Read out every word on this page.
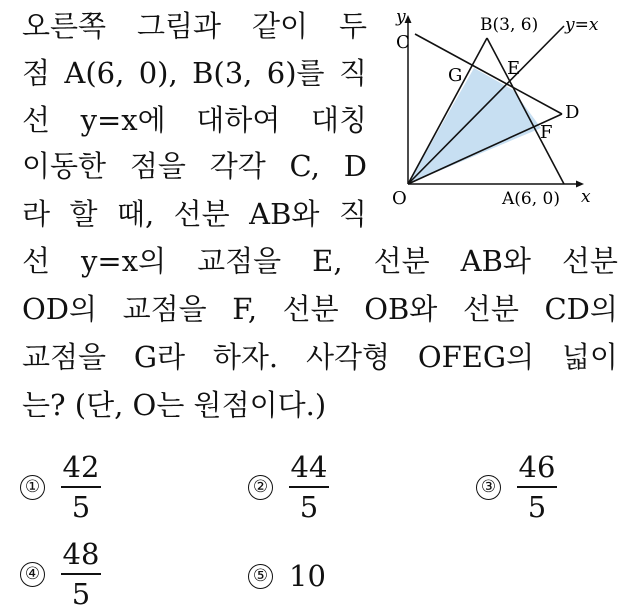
오른쪽 그림과 같이 두
점 A(6, 0), B(3, 6)를 직
선 y=x에 대하여 대칭
이동한 점을 각각 C, D
라 할 때, 선분 AB와 직
선 y=x의 교점을 E, 선분 AB와 선분
OD의 교점을 F, 선분 OB와 선분 CD의
교점을 G라 하자. 사각형 OFEG의 넓이
는? (단, O는 원점이다.)
y
x
O	A(6, 0)
B(3, 6)
C
D
E
F
G
y=x
① $\frac{42}{5}$	② $\frac{44}{5}$	③ $\frac{46}{5}$
④ $\frac{48}{5}$	⑤ 10
